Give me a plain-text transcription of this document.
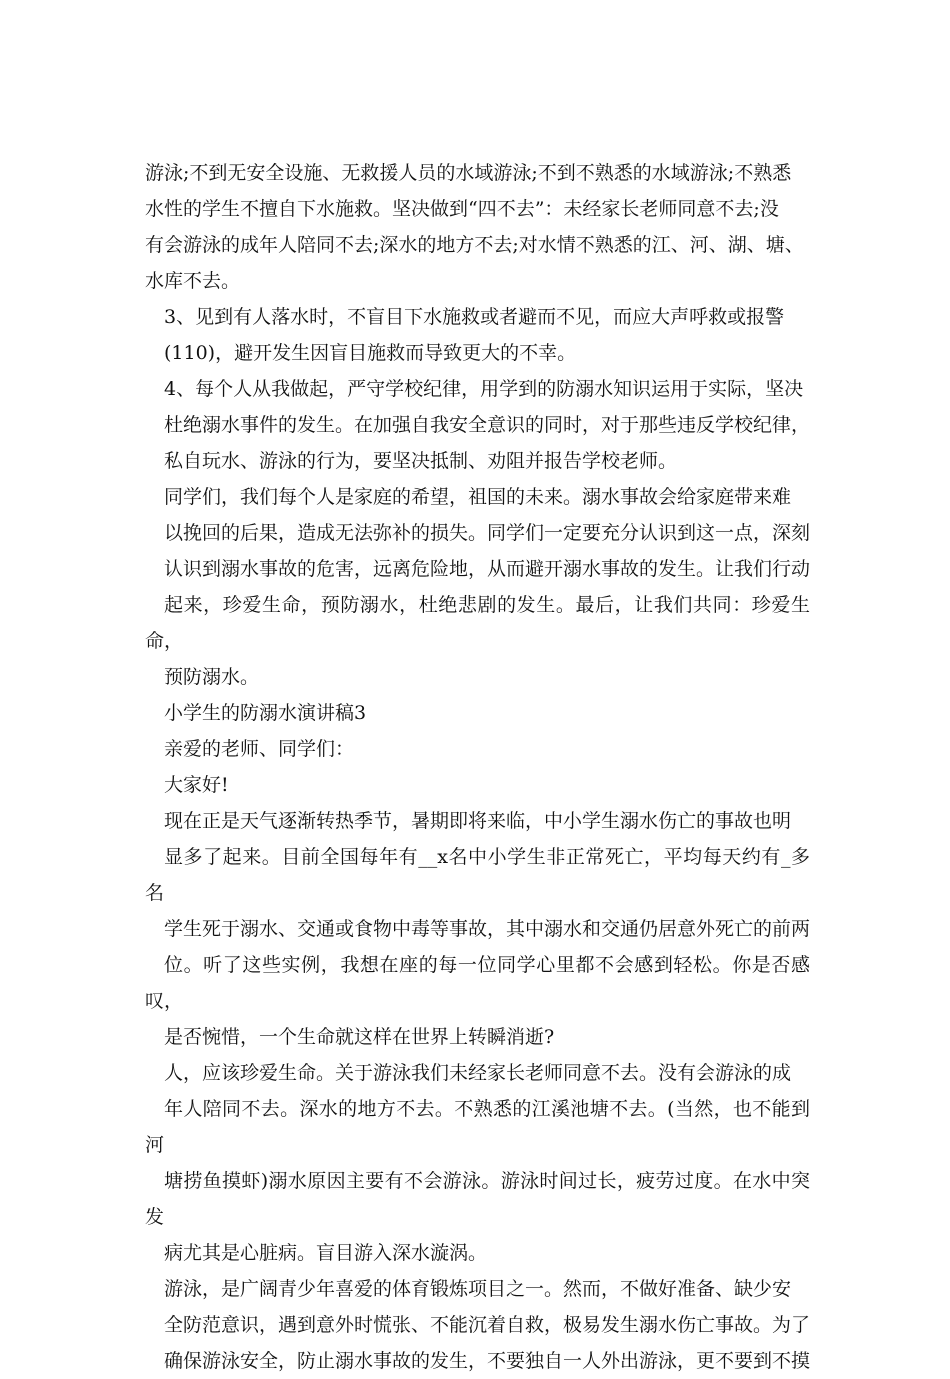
游泳;不到无安全设施、无救援人员的水域游泳;不到不熟悉的水域游泳;不熟悉
水性的学生不擅自下水施救。坚决做到“四不去”：未经家长老师同意不去;没
有会游泳的成年人陪同不去;深水的地方不去;对水情不熟悉的江、河、湖、塘、
水库不去。
3、见到有人落水时，不盲目下水施救或者避而不见，而应大声呼救或报警
(110)，避开发生因盲目施救而导致更大的不幸。
4、每个人从我做起，严守学校纪律，用学到的防溺水知识运用于实际，坚决
杜绝溺水事件的发生。在加强自我安全意识的同时，对于那些违反学校纪律，
私自玩水、游泳的行为，要坚决抵制、劝阻并报告学校老师。
同学们，我们每个人是家庭的希望，祖国的未来。溺水事故会给家庭带来难
以挽回的后果，造成无法弥补的损失。同学们一定要充分认识到这一点，深刻
认识到溺水事故的危害，远离危险地，从而避开溺水事故的发生。让我们行动
起来，珍爱生命，预防溺水，杜绝悲剧的发生。最后，让我们共同：珍爱生命，
预防溺水。
小学生的防溺水演讲稿3
亲爱的老师、同学们：
大家好!
现在正是天气逐渐转热季节，暑期即将来临，中小学生溺水伤亡的事故也明
显多了起来。目前全国每年有__x名中小学生非正常死亡，平均每天约有_多名
学生死于溺水、交通或食物中毒等事故，其中溺水和交通仍居意外死亡的前两
位。听了这些实例，我想在座的每一位同学心里都不会感到轻松。你是否感叹，
是否惋惜，一个生命就这样在世界上转瞬消逝?
人，应该珍爱生命。关于游泳我们未经家长老师同意不去。没有会游泳的成
年人陪同不去。深水的地方不去。不熟悉的江溪池塘不去。(当然，也不能到河
塘捞鱼摸虾)溺水原因主要有不会游泳。游泳时间过长，疲劳过度。在水中突发
病尤其是心脏病。盲目游入深水漩涡。
游泳，是广阔青少年喜爱的体育锻炼项目之一。然而，不做好准备、缺少安
全防范意识，遇到意外时慌张、不能沉着自救，极易发生溺水伤亡事故。为了
确保游泳安全，防止溺水事故的发生，不要独自一人外出游泳，更不要到不摸
